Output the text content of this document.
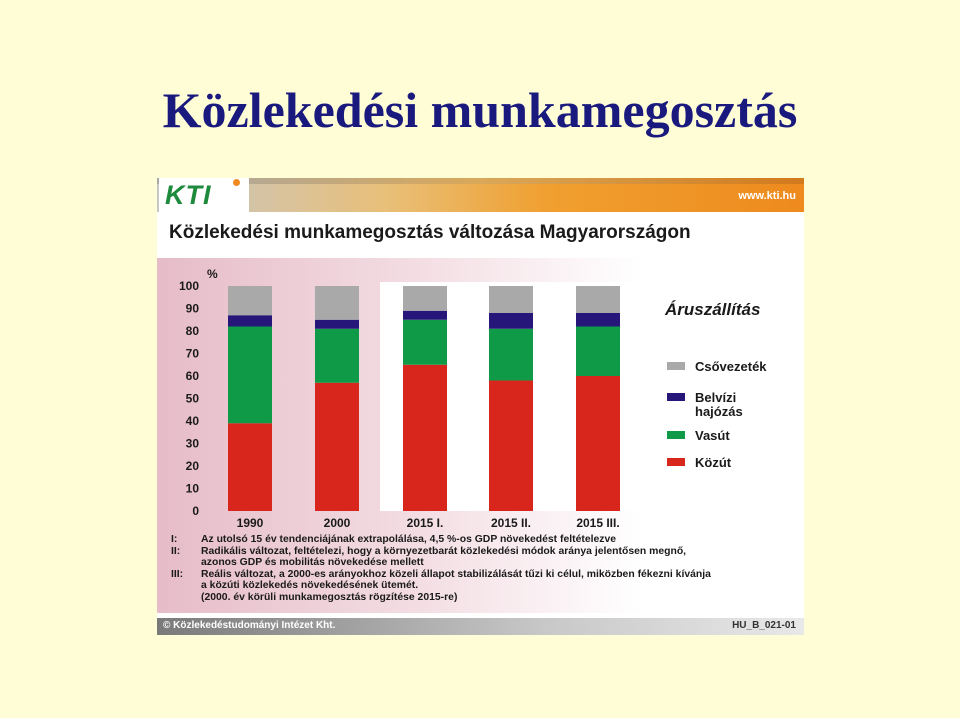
Közlekedési munkamegosztás
KTI	www.kti.hu
Közlekedési munkamegosztás változása Magyarországon
%
0
10
20
30
40
50
60
70
80
90
100
1990	2000	2015 I.	2015 II.	2015 III.
Áruszállítás
Csővezeték
Belvízi
hajózás
Vasút
Közút
I:	Az utolsó 15 év tendenciájának extrapolálása, 4,5 %-os GDP növekedést feltételezve
II:	Radikális változat, feltételezi, hogy a környezetbarát közlekedési módok aránya jelentősen megnő,
azonos GDP és mobilitás növekedése mellett
III:	Reális változat, a 2000-es arányokhoz közeli állapot stabilizálását tűzi ki célul, miközben fékezni kívánja
a közúti közlekedés növekedésének ütemét.
(2000. év körüli munkamegosztás rögzítése 2015-re)
© Közlekedéstudományi Intézet Kht.	HU_B_021-01
